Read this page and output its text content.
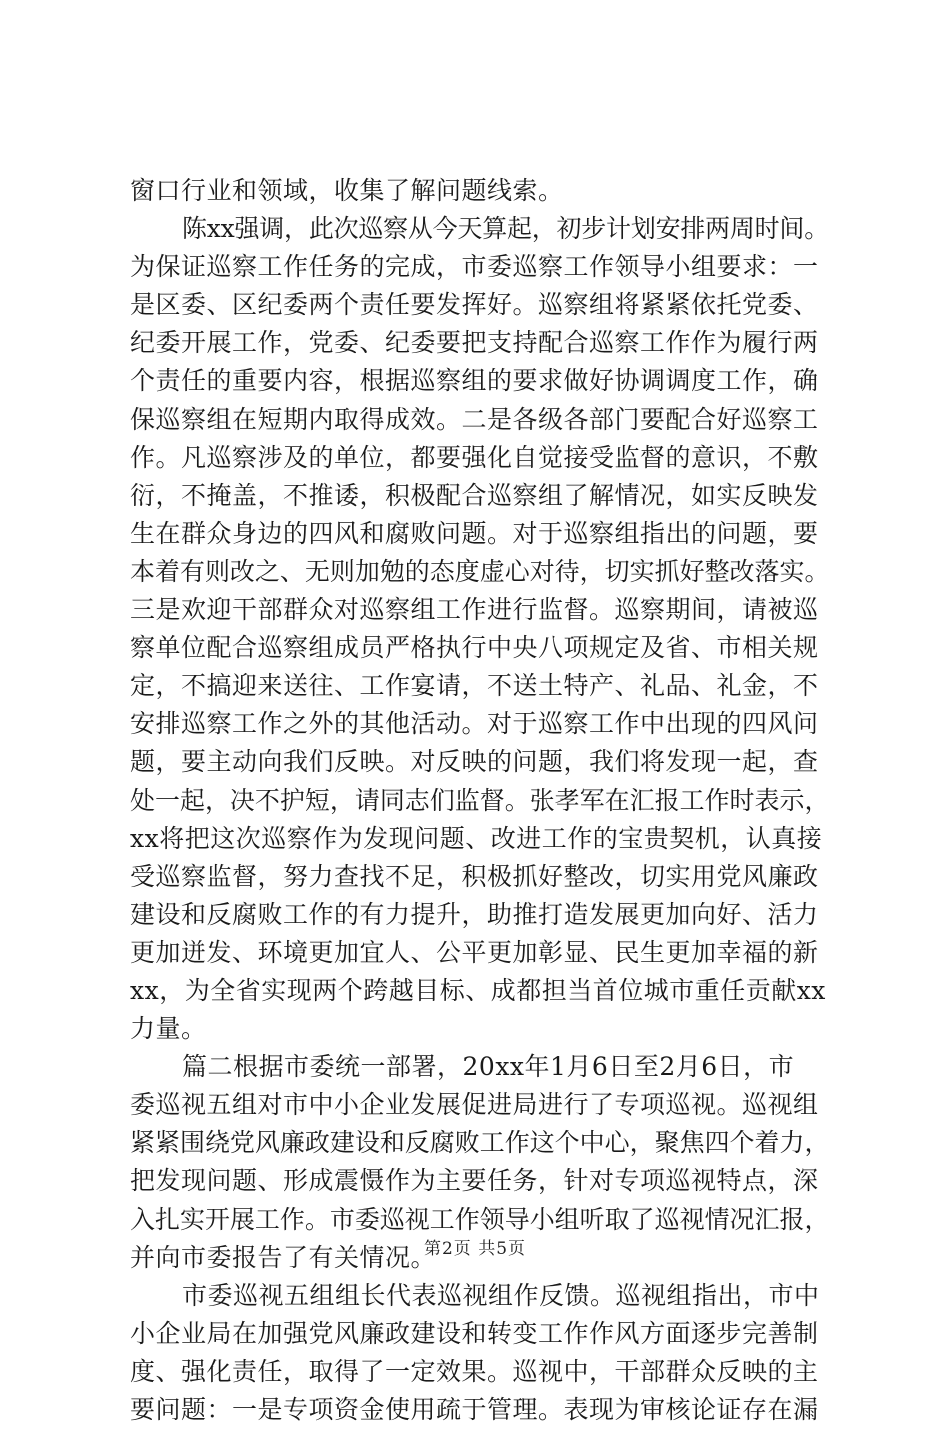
窗口行业和领域，收集了解问题线索。
陈xx强调，此次巡察从今天算起，初步计划安排两周时间。
为保证巡察工作任务的完成，市委巡察工作领导小组要求：一
是区委、区纪委两个责任要发挥好。巡察组将紧紧依托党委、
纪委开展工作，党委、纪委要把支持配合巡察工作作为履行两
个责任的重要内容，根据巡察组的要求做好协调调度工作，确
保巡察组在短期内取得成效。二是各级各部门要配合好巡察工
作。凡巡察涉及的单位，都要强化自觉接受监督的意识，不敷
衍，不掩盖，不推诿，积极配合巡察组了解情况，如实反映发
生在群众身边的四风和腐败问题。对于巡察组指出的问题，要
本着有则改之、无则加勉的态度虚心对待，切实抓好整改落实。
三是欢迎干部群众对巡察组工作进行监督。巡察期间，请被巡
察单位配合巡察组成员严格执行中央八项规定及省、市相关规
定，不搞迎来送往、工作宴请，不送土特产、礼品、礼金，不
安排巡察工作之外的其他活动。对于巡察工作中出现的四风问
题，要主动向我们反映。对反映的问题，我们将发现一起，查
处一起，决不护短，请同志们监督。张孝军在汇报工作时表示，
xx将把这次巡察作为发现问题、改进工作的宝贵契机，认真接
受巡察监督，努力查找不足，积极抓好整改，切实用党风廉政
建设和反腐败工作的有力提升，助推打造发展更加向好、活力
更加迸发、环境更加宜人、公平更加彰显、民生更加幸福的新
xx，为全省实现两个跨越目标、成都担当首位城市重任贡献xx
力量。
篇二根据市委统一部署，20xx年1月6日至2月6日，市
委巡视五组对市中小企业发展促进局进行了专项巡视。巡视组
紧紧围绕党风廉政建设和反腐败工作这个中心，聚焦四个着力，
把发现问题、形成震慑作为主要任务，针对专项巡视特点，深
入扎实开展工作。市委巡视工作领导小组听取了巡视情况汇报，
并向市委报告了有关情况。
市委巡视五组组长代表巡视组作反馈。巡视组指出，市中
小企业局在加强党风廉政建设和转变工作作风方面逐步完善制
度、强化责任，取得了一定效果。巡视中，干部群众反映的主
要问题：一是专项资金使用疏于管理。表现为审核论证存在漏
第2页 共5页
